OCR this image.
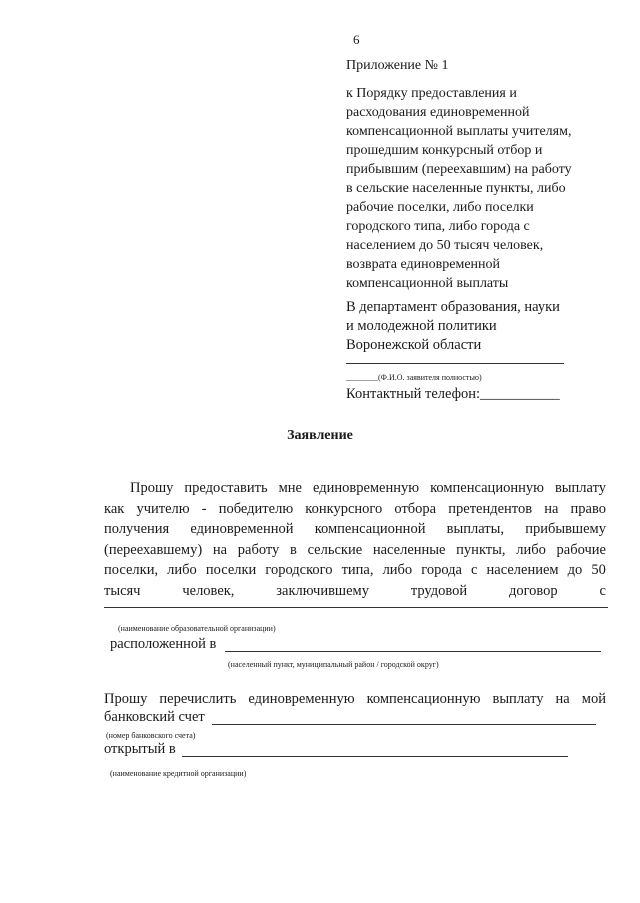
6
Приложение № 1
к Порядку предоставления и
расходования единовременной
компенсационной выплаты учителям,
прошедшим конкурсный отбор и
прибывшим (переехавшим) на работу
в сельские населенные пункты, либо
рабочие поселки, либо поселки
городского типа, либо города с
населением до 50 тысяч человек,
возврата единовременной
компенсационной выплаты
В департамент образования, науки
и молодежной политики
Воронежской области
________(Ф.И.О. заявителя полностью)
Контактный телефон:___________
Заявление
Прошу предоставить мне единовременную компенсационную выплату
как учителю - победителю конкурсного отбора претендентов на право
получения единовременной компенсационной выплаты, прибывшему
(переехавшему) на работу в сельские населенные пункты, либо рабочие
поселки, либо поселки городского типа, либо города с населением до 50
тысяч	человек,	заключившему	трудовой	договор	с
(наименование образовательной организации)
расположенной в
(населенный пункт, муниципальный район / городской округ)
Прошу перечислить единовременную компенсационную выплату на мой
банковский счет
(номер банковского счета)
открытый в
(наименование кредитной организации)
